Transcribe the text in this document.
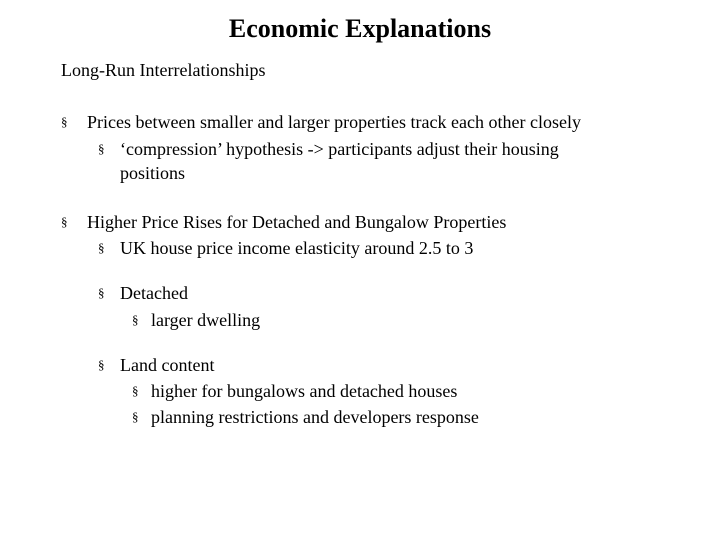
Economic Explanations
Long-Run Interrelationships
§	Prices between smaller and larger properties track each other closely
§ ‘compression’ hypothesis -> participants adjust their housing positions
§	Higher Price Rises for Detached and Bungalow Properties
§ UK house price income elasticity around 2.5 to 3
§ Detached
§ larger dwelling
§ Land content
§ higher for bungalows and detached houses
§ planning restrictions and developers response
